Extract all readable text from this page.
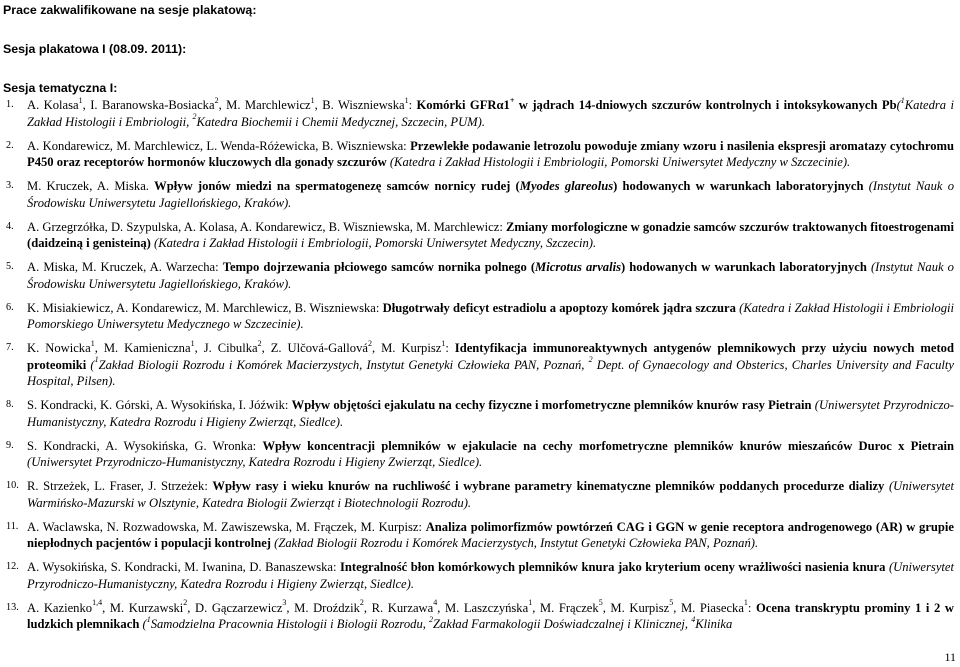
Prace zakwalifikowane na sesje plakatową:
Sesja plakatowa I (08.09. 2011):
Sesja tematyczna I:
1. A. Kolasa$^1$, I. Baranowska-Bosiacka$^2$, M. Marchlewicz$^1$, B. Wiszniewska$^1$: Komórki GFRα1+ w jądrach 14-dniowych szczurów kontrolnych i intoksykowanych Pb($^1$Katedra i Zakład Histologii i Embriologii, $^2$Katedra Biochemii i Chemii Medycznej, Szczecin, PUM).
2. A. Kondarewicz, M. Marchlewicz, L. Wenda-Różewicka, B. Wiszniewska: Przewlekłe podawanie letrozolu powoduje zmiany wzoru i nasilenia ekspresji aromatazy cytochromu P450 oraz receptorów hormonów kluczowych dla gonady szczurów (Katedra i Zakład Histologii i Embriologii, Pomorski Uniwersytet Medyczny w Szczecinie).
3. M. Kruczek, A. Miska. Wpływ jonów miedzi na spermatogenezę samców nornicy rudej (Myodes glareolus) hodowanych w warunkach laboratoryjnych (Instytut Nauk o Środowisku Uniwersytetu Jagiellońskiego, Kraków).
4. A. Grzegrzółka, D. Szypulska, A. Kolasa, A. Kondarewicz, B. Wiszniewska, M. Marchlewicz: Zmiany morfologiczne w gonadzie samców szczurów traktowanych fitoestrogenami (daidzeiną i genisteiną) (Katedra i Zakład Histologii i Embriologii, Pomorski Uniwersytet Medyczny, Szczecin).
5. A. Miska, M. Kruczek, A. Warzecha: Tempo dojrzewania płciowego samców nornika polnego (Microtus arvalis) hodowanych w warunkach laboratoryjnych (Instytut Nauk o Środowisku Uniwersytetu Jagiellońskiego, Kraków).
6. K. Misiakiewicz, A. Kondarewicz, M. Marchlewicz, B. Wiszniewska: Długotrwały deficyt estradiolu a apoptozy komórek jądra szczura (Katedra i Zakład Histologii i Embriologii Pomorskiego Uniwersytetu Medycznego w Szczecinie).
7. K. Nowicka$^1$, M. Kamieniczna$^1$, J. Cibulka$^2$, Z. Ulčová-Gallová$^2$, M. Kurpisz$^1$: Identyfikacja immunoreaktywnych antygenów plemnikowych przy użyciu nowych metod proteomiki ($^1$Zakład Biologii Rozrodu i Komórek Macierzystych, Instytut Genetyki Człowieka PAN, Poznań, $^2$ Dept. of Gynaecology and Obsterics, Charles University and Faculty Hospital, Pilsen).
8. S. Kondracki, K. Górski, A. Wysokińska, I. Jóźwik: Wpływ objętości ejakulatu na cechy fizyczne i morfometryczne plemników knurów rasy Pietrain (Uniwersytet Przyrodniczo-Humanistyczny, Katedra Rozrodu i Higieny Zwierząt, Siedlce).
9. S. Kondracki, A. Wysokińska, G. Wronka: Wpływ koncentracji plemników w ejakulacie na cechy morfometryczne plemników knurów mieszańców Duroc x Pietrain (Uniwersytet Przyrodniczo-Humanistyczny, Katedra Rozrodu i Higieny Zwierząt, Siedlce).
10. R. Strzeżek, L. Fraser, J. Strzeżek: Wpływ rasy i wieku knurów na ruchliwość i wybrane parametry kinematyczne plemników poddanych procedurze dializy (Uniwersytet Warmińsko-Mazurski w Olsztynie, Katedra Biologii Zwierząt i Biotechnologii Rozrodu).
11. A. Waclawska, N. Rozwadowska, M. Zawiszewska, M. Frączek, M. Kurpisz: Analiza polimorfizmów powtórzeń CAG i GGN w genie receptora androgenowego (AR) w grupie niepłodnych pacjentów i populacji kontrolnej (Zakład Biologii Rozrodu i Komórek Macierzystych, Instytut Genetyki Człowieka PAN, Poznań).
12. A. Wysokińska, S. Kondracki, M. Iwanina, D. Banaszewska: Integralność błon komórkowych plemników knura jako kryterium oceny wrażliwości nasienia knura (Uniwersytet Przyrodniczo-Humanistyczny, Katedra Rozrodu i Higieny Zwierząt, Siedlce).
13. A. Kazienko$^{1,4}$, M. Kurzawski$^2$, D. Gączarzewicz$^3$, M. Droździk$^2$, R. Kurzawa$^4$, M. Laszczyńska$^1$, M. Frączek$^5$, M. Kurpisz$^5$, M. Piasecka$^1$: Ocena transkryptu prominy 1 i 2 w ludzkich plemnikach ($^1$Samodzielna Pracownia Histologii i Biologii Rozrodu, $^2$Zakład Farmakologii Doświadczalnej i Klinicznej, $^4$Klinika
11
